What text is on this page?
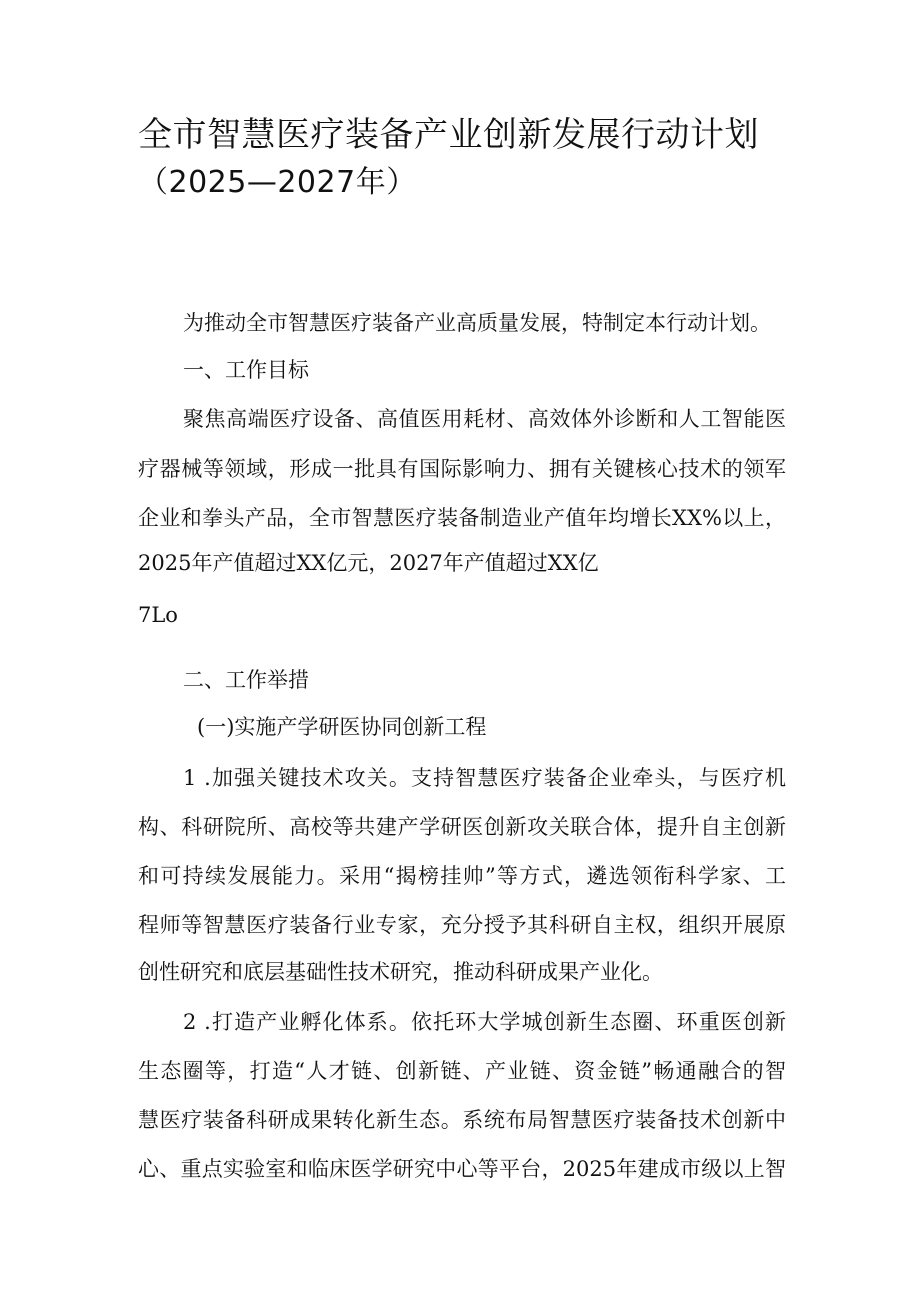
全市智慧医疗装备产业创新发展行动计划
（2025—2027年）
为推动全市智慧医疗装备产业高质量发展，特制定本行动计划。
一、工作目标
聚焦高端医疗设备、高值医用耗材、高效体外诊断和人工智能医
疗器械等领域，形成一批具有国际影响力、拥有关键核心技术的领军
企业和拳头产品，全市智慧医疗装备制造业产值年均增长XX%以上，
2025年产值超过XX亿元，2027年产值超过XX亿
7Lo
二、工作举措
(一)实施产学研医协同创新工程
1 .加强关键技术攻关。支持智慧医疗装备企业牵头，与医疗机
构、科研院所、高校等共建产学研医创新攻关联合体，提升自主创新
和可持续发展能力。采用“揭榜挂帅”等方式，遴选领衔科学家、工
程师等智慧医疗装备行业专家，充分授予其科研自主权，组织开展原
创性研究和底层基础性技术研究，推动科研成果产业化。
2 .打造产业孵化体系。依托环大学城创新生态圈、环重医创新
生态圈等，打造“人才链、创新链、产业链、资金链”畅通融合的智
慧医疗装备科研成果转化新生态。系统布局智慧医疗装备技术创新中
心、重点实验室和临床医学研究中心等平台，2025年建成市级以上智
